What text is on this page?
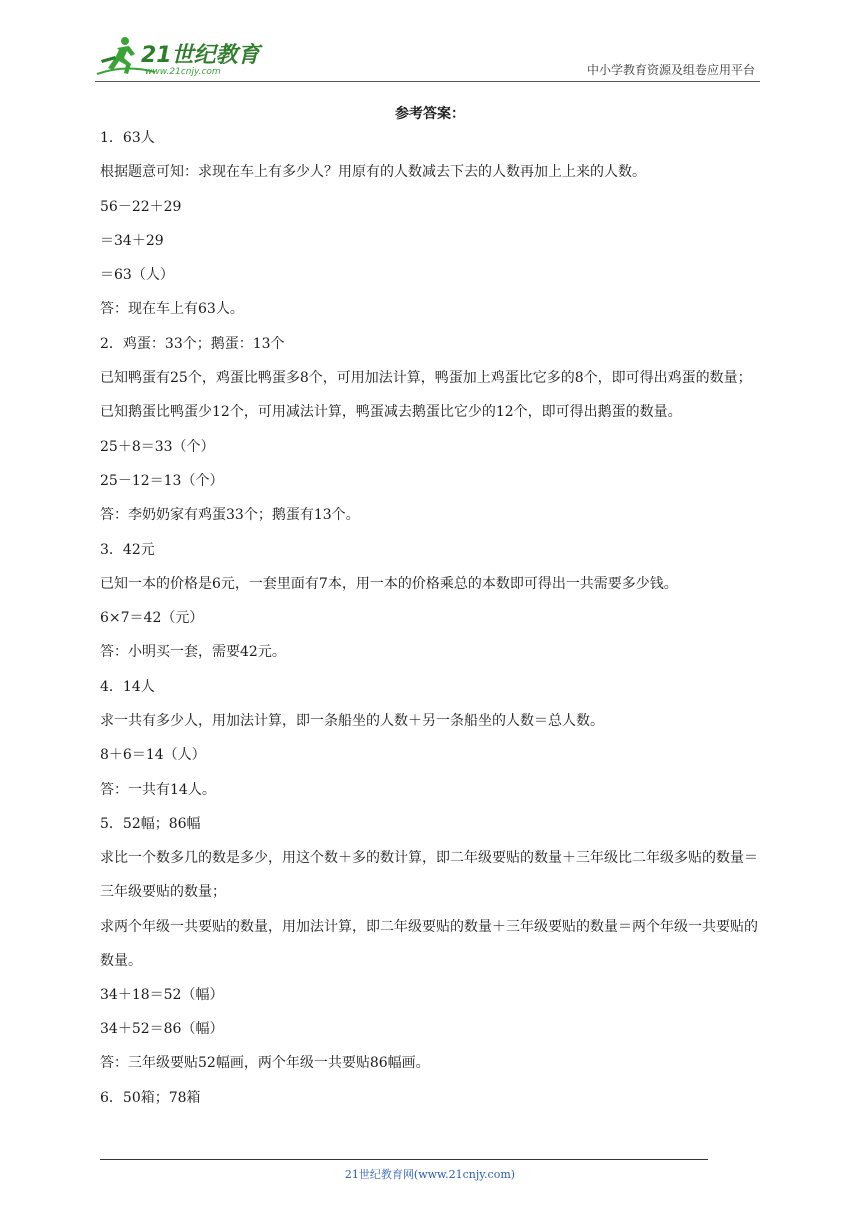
21世纪教育
www.21cnjy.com	中小学教育资源及组卷应用平台
参考答案：
1．63人
根据题意可知：求现在车上有多少人？用原有的人数减去下去的人数再加上上来的人数。
56－22＋29
＝34＋29
＝63（人）
答：现在车上有63人。
2．鸡蛋：33个；鹅蛋：13个
已知鸭蛋有25个，鸡蛋比鸭蛋多8个，可用加法计算，鸭蛋加上鸡蛋比它多的8个，即可得出鸡蛋的数量；
已知鹅蛋比鸭蛋少12个，可用减法计算，鸭蛋减去鹅蛋比它少的12个，即可得出鹅蛋的数量。
25＋8＝33（个）
25－12＝13（个）
答：李奶奶家有鸡蛋33个；鹅蛋有13个。
3．42元
已知一本的价格是6元，一套里面有7本，用一本的价格乘总的本数即可得出一共需要多少钱。
6×7＝42（元）
答：小明买一套，需要42元。
4．14人
求一共有多少人，用加法计算，即一条船坐的人数＋另一条船坐的人数＝总人数。
8＋6＝14（人）
答：一共有14人。
5．52幅；86幅
求比一个数多几的数是多少，用这个数＋多的数计算，即二年级要贴的数量＋三年级比二年级多贴的数量＝三年级要贴的数量；
求两个年级一共要贴的数量，用加法计算，即二年级要贴的数量＋三年级要贴的数量＝两个年级一共要贴的数量。
34＋18＝52（幅）
34＋52＝86（幅）
答：三年级要贴52幅画，两个年级一共要贴86幅画。
6．50箱；78箱
21世纪教育网(www.21cnjy.com)
